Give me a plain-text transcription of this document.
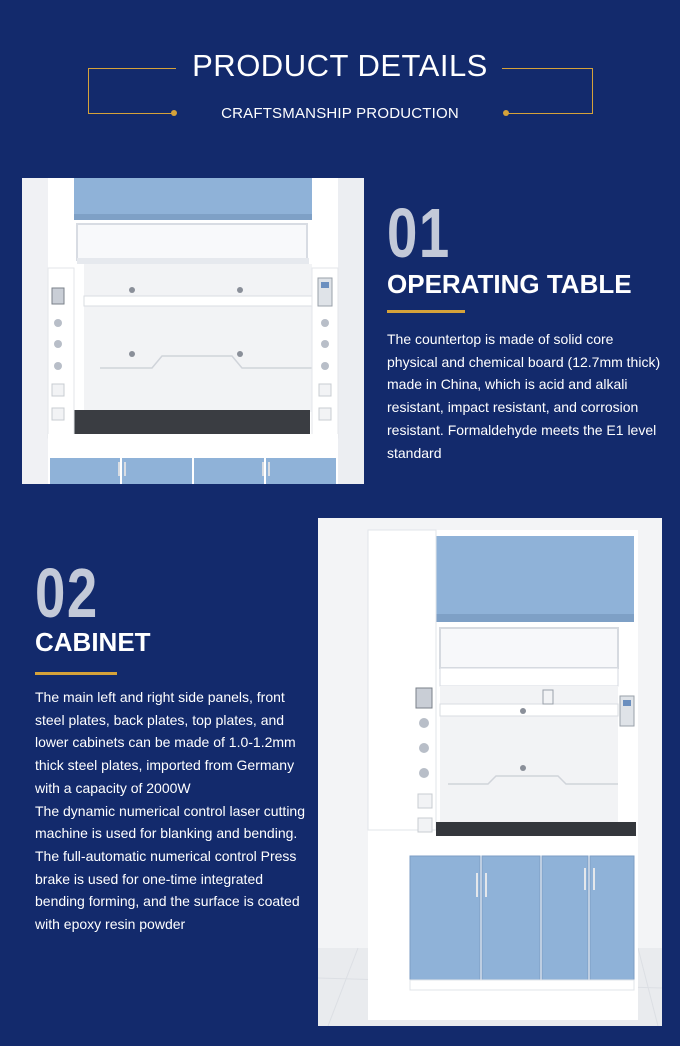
PRODUCT DETAILS
CRAFTSMANSHIP PRODUCTION
01
OPERATING TABLE

The countertop is made of solid core physical and chemical board (12.7mm thick) made in China, which is acid and alkali resistant, impact resistant, and corrosion resistant. Formaldehyde meets the E1 level standard

02
CABINET

The main left and right side panels, front steel plates, back plates, top plates, and lower cabinets can be made of 1.0-1.2mm thick steel plates, imported from Germany with a capacity of 2000W

The dynamic numerical control laser cutting machine is used for blanking and bending. The full-automatic numerical control Press brake is used for one-time integrated bending forming, and the surface is coated with epoxy resin powder
